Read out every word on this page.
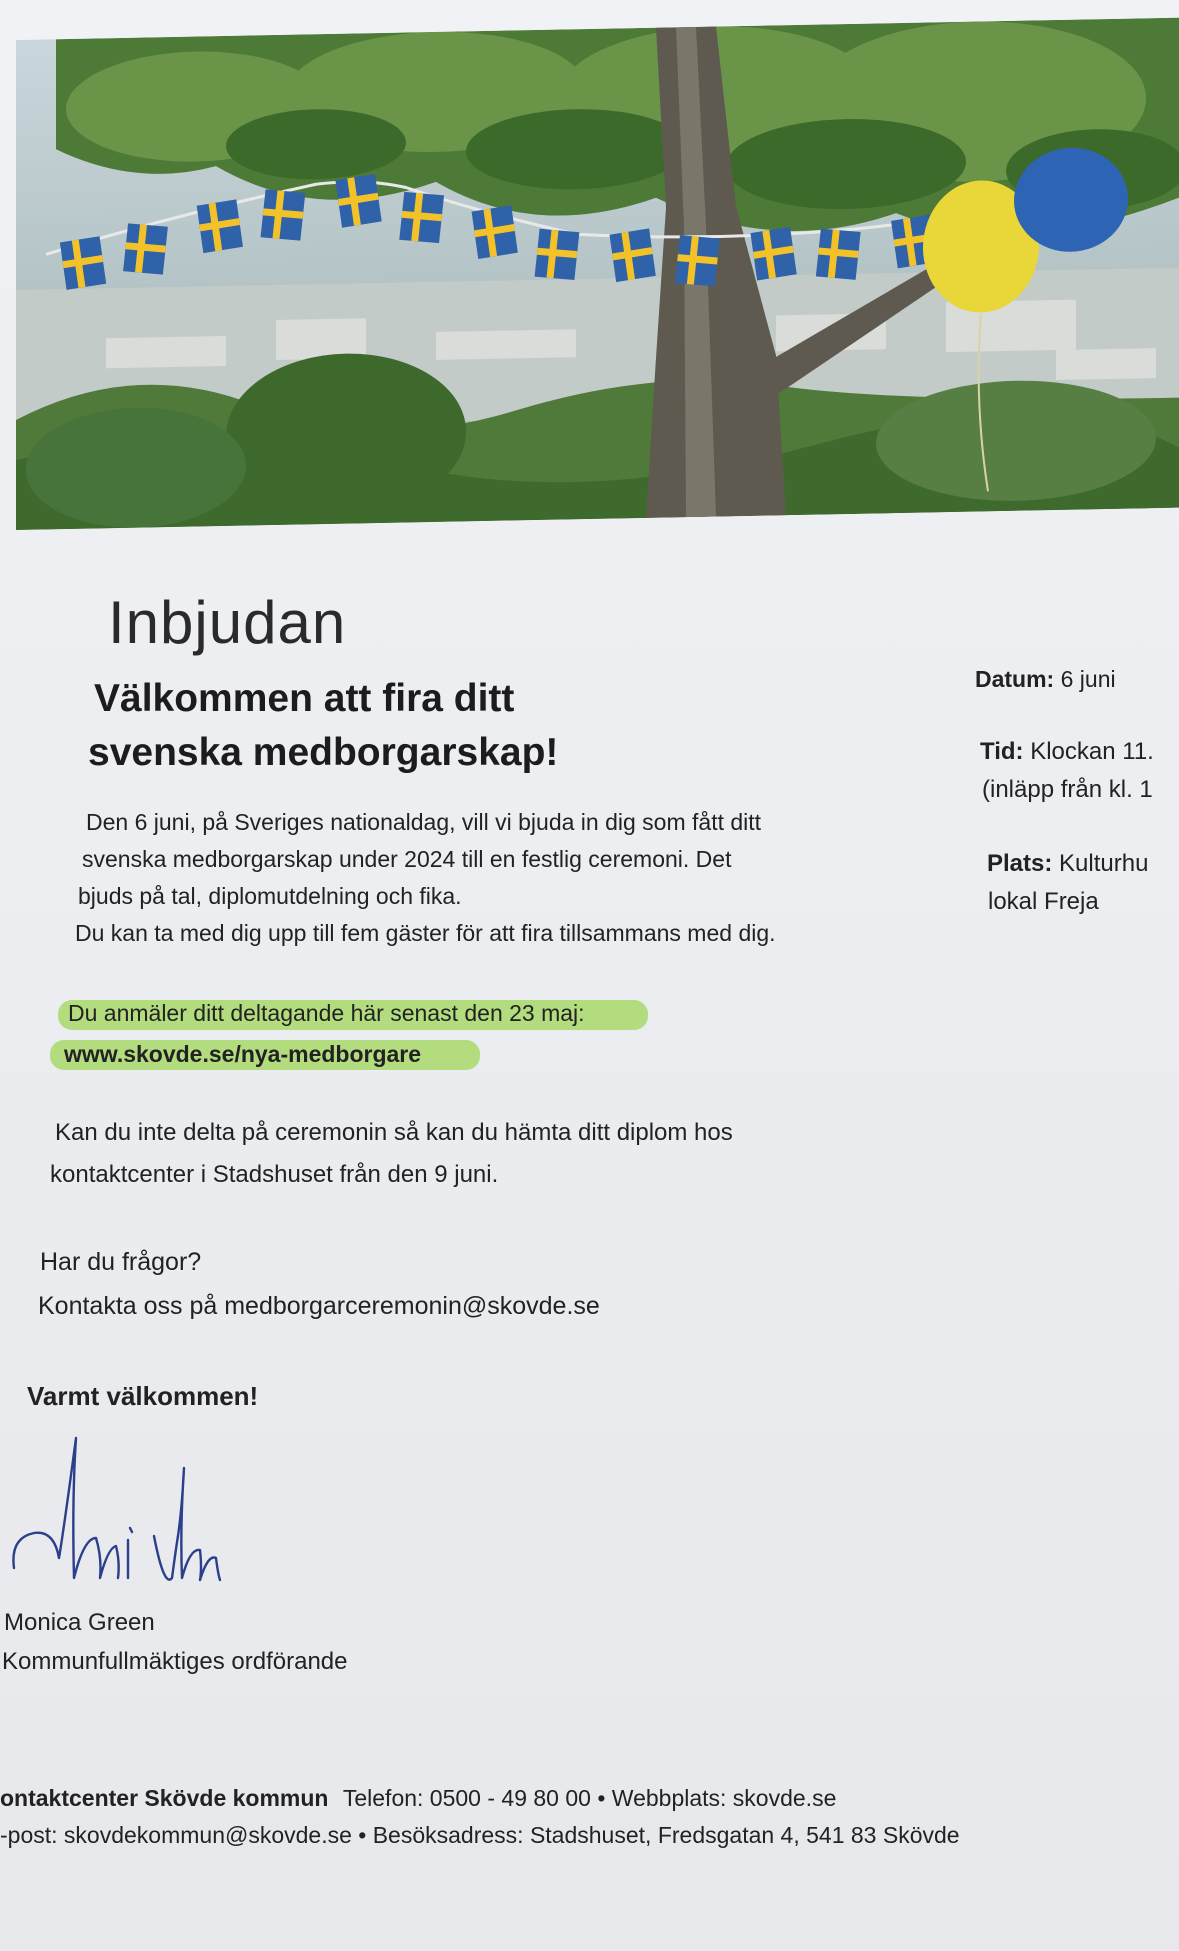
Inbjudan
Välkommen att fira ditt
svenska medborgarskap!
Datum: 6 juni
Tid: Klockan 11.
(inläpp från kl. 1
Plats: Kulturhu
lokal Freja
Den 6 juni, på Sveriges nationaldag, vill vi bjuda in dig som fått ditt
svenska medborgarskap under 2024 till en festlig ceremoni. Det
bjuds på tal, diplomutdelning och fika.
Du kan ta med dig upp till fem gäster för att fira tillsammans med dig.
Du anmäler ditt deltagande här senast den 23 maj:
www.skovde.se/nya-medborgare
Kan du inte delta på ceremonin så kan du hämta ditt diplom hos
kontaktcenter i Stadshuset från den 9 juni.
Har du frågor?
Kontakta oss på medborgarceremonin@skovde.se
Varmt välkommen!
Monica Green
Kommunfullmäktiges ordförande
ontaktcenter Skövde kommun Telefon: 0500 - 49 80 00 • Webbplats: skovde.se
-post: skovdekommun@skovde.se • Besöksadress: Stadshuset, Fredsgatan 4, 541 83 Skövde
